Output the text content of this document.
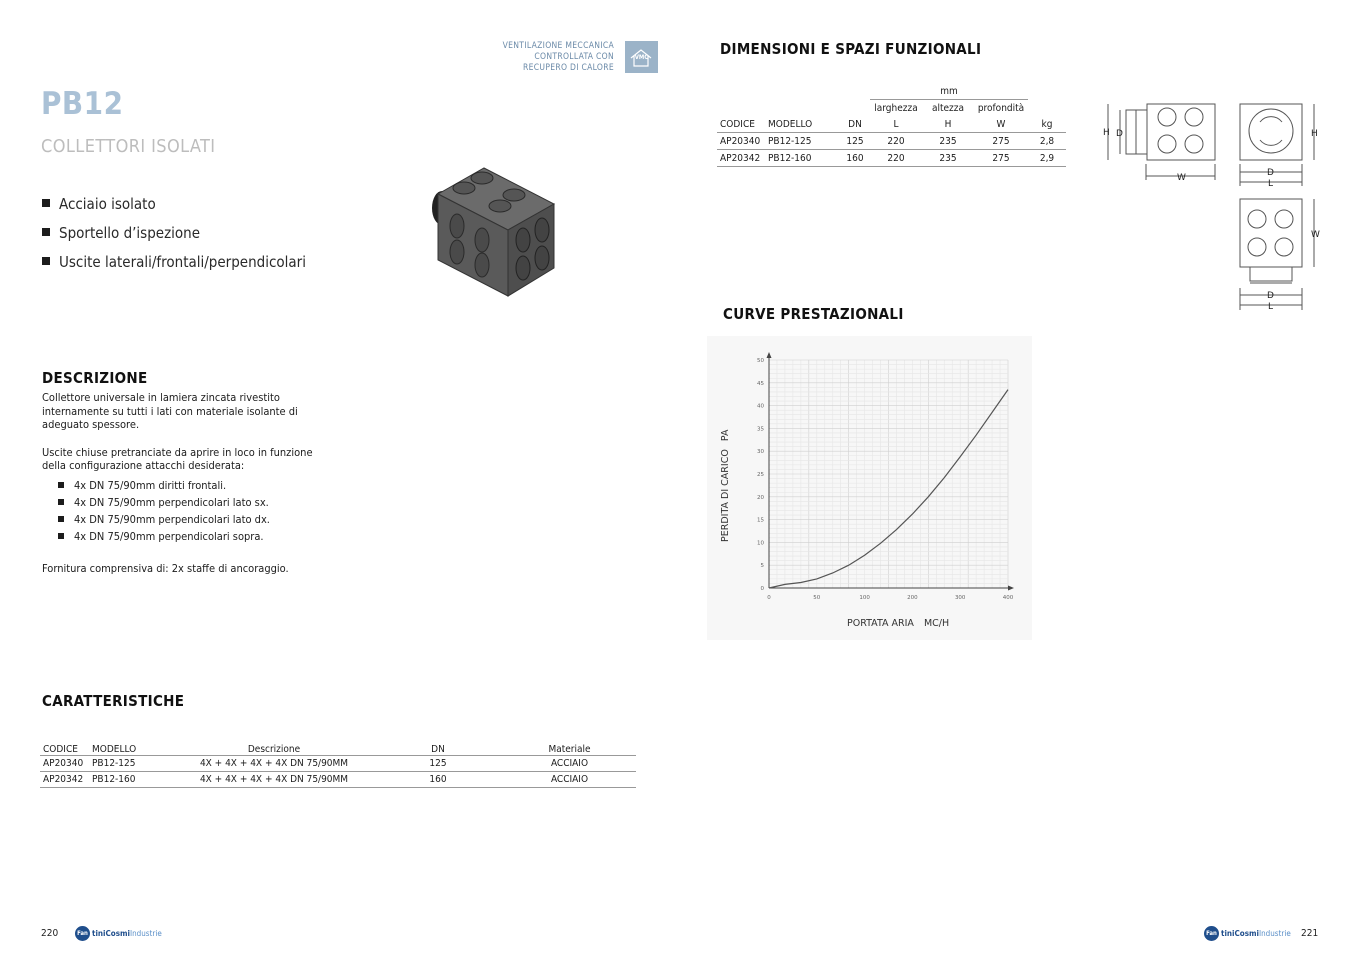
VENTILAZIONE MECCANICA
CONTROLLATA CON
RECUPERO DI CALORE
VMC
PB12
COLLETTORI ISOLATI
Acciaio isolato
Sportello d’ispezione
Uscite laterali/frontali/perpendicolari
DESCRIZIONE

Collettore universale in lamiera zincata rivestito internamente su tutti i lati con materiale isolante di adeguato spessore.

Uscite chiuse pretranciate da aprire in loco in funzione della configurazione attacchi desiderata:

4x DN 75/90mm diritti frontali.
4x DN 75/90mm perpendicolari lato sx.
4x DN 75/90mm perpendicolari lato dx.
4x DN 75/90mm perpendicolari sopra.

Fornitura comprensiva di: 2x staffe di ancoraggio.

CARATTERISTICHE
CODICE	MODELLO	Descrizione	DN	Materiale
AP20340	PB12-125	4X + 4X + 4X + 4X DN 75/90MM	125	ACCIAIO
AP20342	PB12-160	4X + 4X + 4X + 4X DN 75/90MM	160	ACCIAIO
DIMENSIONI E SPAZI FUNZIONALI
			mm			
			larghezza	altezza	profondità	
CODICE	MODELLO	DN	L	H	W	kg
AP20340	PB12-125	125	220	235	275	2,8
AP20342	PB12-160	160	220	235	275	2,9
H D
W
H
D
L
W
D
L
CURVE PRESTAZIONALI
0
5
10
15
20
25
30
35
40
45
50
0	50	100	200	300	400
PERDITA DI CARICOPA
PORTATA ARIA MC/H
220	Fan tiniCosmiIndustrie	Fan tiniCosmiIndustrie 221
